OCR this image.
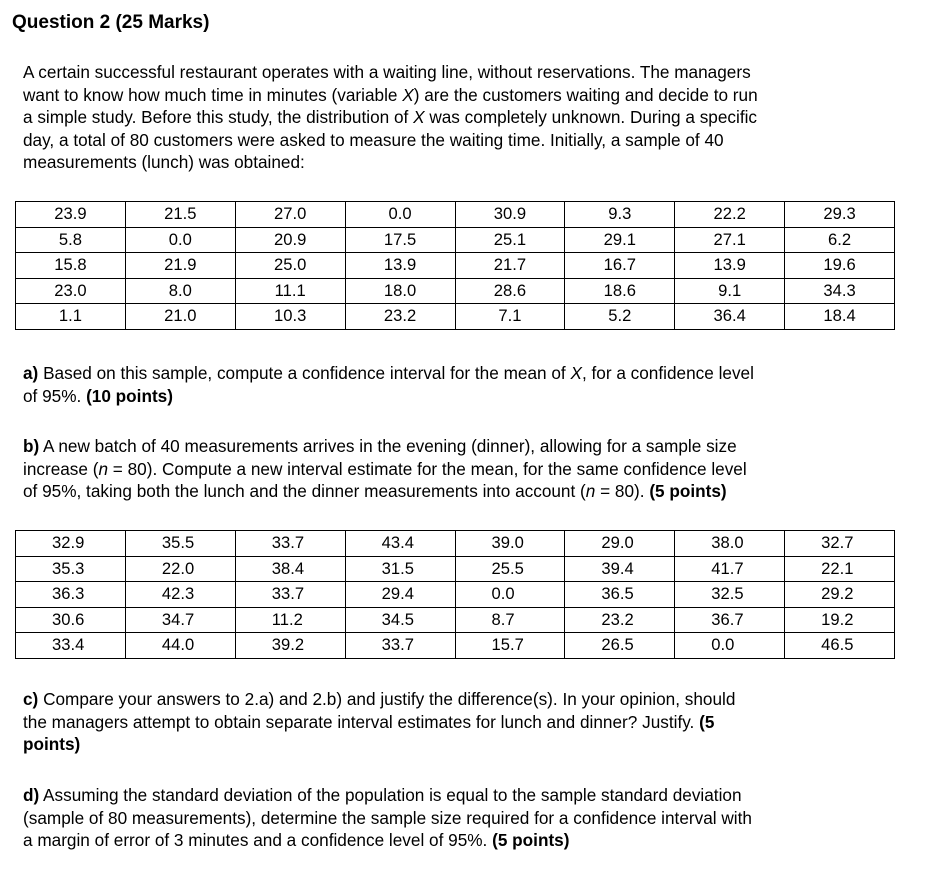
Question 2 (25 Marks)
A certain successful restaurant operates with a waiting line, without reservations. The managers
want to know how much time in minutes (variable X) are the customers waiting and decide to run
a simple study. Before this study, the distribution of X was completely unknown. During a specific
day, a total of 80 customers were asked to measure the waiting time. Initially, a sample of 40
measurements (lunch) was obtained:
23.9	21.5	27.0	0.0	30.9	9.3	22.2	29.3
5.8	0.0	20.9	17.5	25.1	29.1	27.1	6.2
15.8	21.9	25.0	13.9	21.7	16.7	13.9	19.6
23.0	8.0	11.1	18.0	28.6	18.6	9.1	34.3
1.1	21.0	10.3	23.2	7.1	5.2	36.4	18.4
a) Based on this sample, compute a confidence interval for the mean of X, for a confidence level
of 95%. (10 points)
b) A new batch of 40 measurements arrives in the evening (dinner), allowing for a sample size
increase (n = 80). Compute a new interval estimate for the mean, for the same confidence level
of 95%, taking both the lunch and the dinner measurements into account (n = 80). (5 points)
32.9	35.5	33.7	43.4	39.0	29.0	38.0	32.7
35.3	22.0	38.4	31.5	25.5	39.4	41.7	22.1
36.3	42.3	33.7	29.4	0.0	36.5	32.5	29.2
30.6	34.7	11.2	34.5	8.7	23.2	36.7	19.2
33.4	44.0	39.2	33.7	15.7	26.5	0.0	46.5
c) Compare your answers to 2.a) and 2.b) and justify the difference(s). In your opinion, should
the managers attempt to obtain separate interval estimates for lunch and dinner? Justify. (5
points)
d) Assuming the standard deviation of the population is equal to the sample standard deviation
(sample of 80 measurements), determine the sample size required for a confidence interval with
a margin of error of 3 minutes and a confidence level of 95%. (5 points)
